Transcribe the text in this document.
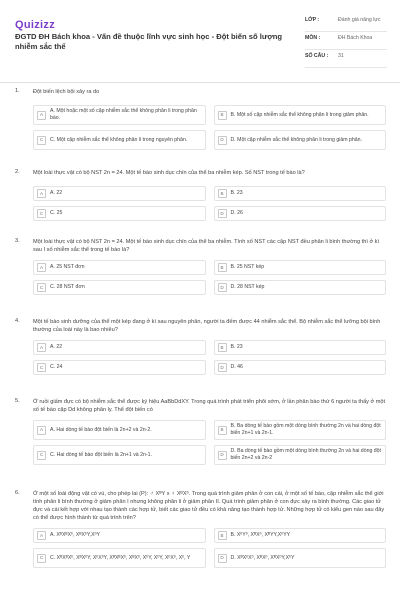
Quizizz
ĐGTD ĐH Bách khoa - Vấn đề thuộc lĩnh vực sinh học - Đột biến số lượng nhiễm sắc thể
LỚP :	Đánh giá năng lực
MÔN :	ĐH Bách Khoa
SỐ CÂU : 31
1. Đột biến lệch bội xảy ra do
A
A. Một hoặc một số cặp nhiễm sắc thể không phân li trong phân bào.
B	B. Một số cặp nhiễm sắc thể không phân li trong giảm phân.
C	C. Một cặp nhiễm sắc thể không phân li trong nguyên phân.	D	D. Một cặp nhiễm sắc thể không phân li trong giảm phân.
2. Một loài thực vật có bộ NST 2n = 24. Một tế bào sinh dục chín của thể ba nhiễm kép. Số NST trong tế bào là?
A	A. 22	B	B. 23
C	C. 25	D	D. 26
3. Một loài thực vật có bộ NST 2n = 24. Một tế bào sinh dục chín của thể ba nhiễm. Tính số NST các cặp NST đều phân li bình thường thì ở kì sau I số nhiễm sắc thể trong tế bào là?
A	A. 25 NST đơn	B	B. 25 NST kép
C	C. 28 NST đơn	D	D. 28 NST kép
4. Một tế bào sinh dưỡng của thể một kép đang ở kì sau nguyên phân, người ta đếm được 44 nhiễm sắc thể. Bộ nhiễm sắc thể lưỡng bội bình thường của loài này là bao nhiêu?
A	A. 22	B	B. 23
C	C. 24	D	D. 46
5. Ở ruồi giấm đực có bộ nhiễm sắc thể được ký hiệu AaBbDdXY. Trong quá trình phát triển phôi sớm, ở lần phân bào thứ 6 người ta thấy ở một số tế bào cặp Dd không phân ly. Thể đột biến có
A	A. Hai dòng tế bào đột biến là 2n+2 và 2n-2.	B
B. Ba dòng tế bào gồm một dòng bình thường 2n và hai dòng đột biến 2n+1 và 2n-1.
C	C. Hai dòng tế bào đột biến là 2n+1 và 2n-1.	D
D. Ba dòng tế bào gồm một dòng bình thường 2n và hai dòng đột biến 2n+2 và 2n-2
6. Ở một số loài động vật có vú, cho phép lai (P): ♂ XᴮY x ♀ XᴮXᵇ. Trong quá trình giảm phân ở con cái, ở một số tế bào, cặp nhiễm sắc thể giới tính phân li bình thường ở giảm phân I nhưng không phân li ở giảm phân II. Quá trình giảm phân ở con đực xảy ra bình thường. Các giao tử đực và cái kết hợp với nhau tạo thành các hợp tử, biết các giao tử đều có khả năng tạo thành hợp tử. Những hợp tử có kiểu gen nào sau đây có thể được hình thành từ quá trình trên?
A	A. XᴮXᴮXᵇ, XᴮXᵇY,XᵇY	B	B. XᵇYᵇ, XᴮXᵇ, XᴮYY,XᵇYY
C	C. XᴮXᴮXᵇ, XᴮXᵇY, XᵇXᵇY, XᴮXᴮXᵇ, XᴮXᵇ, XᵇY, XᵇY, XᵇXᵇ, Xᵇ, Y	D	D. XᴮXᵇXᵇ, XᴮXᵇ, XᴮXᵇY,XᵇY
